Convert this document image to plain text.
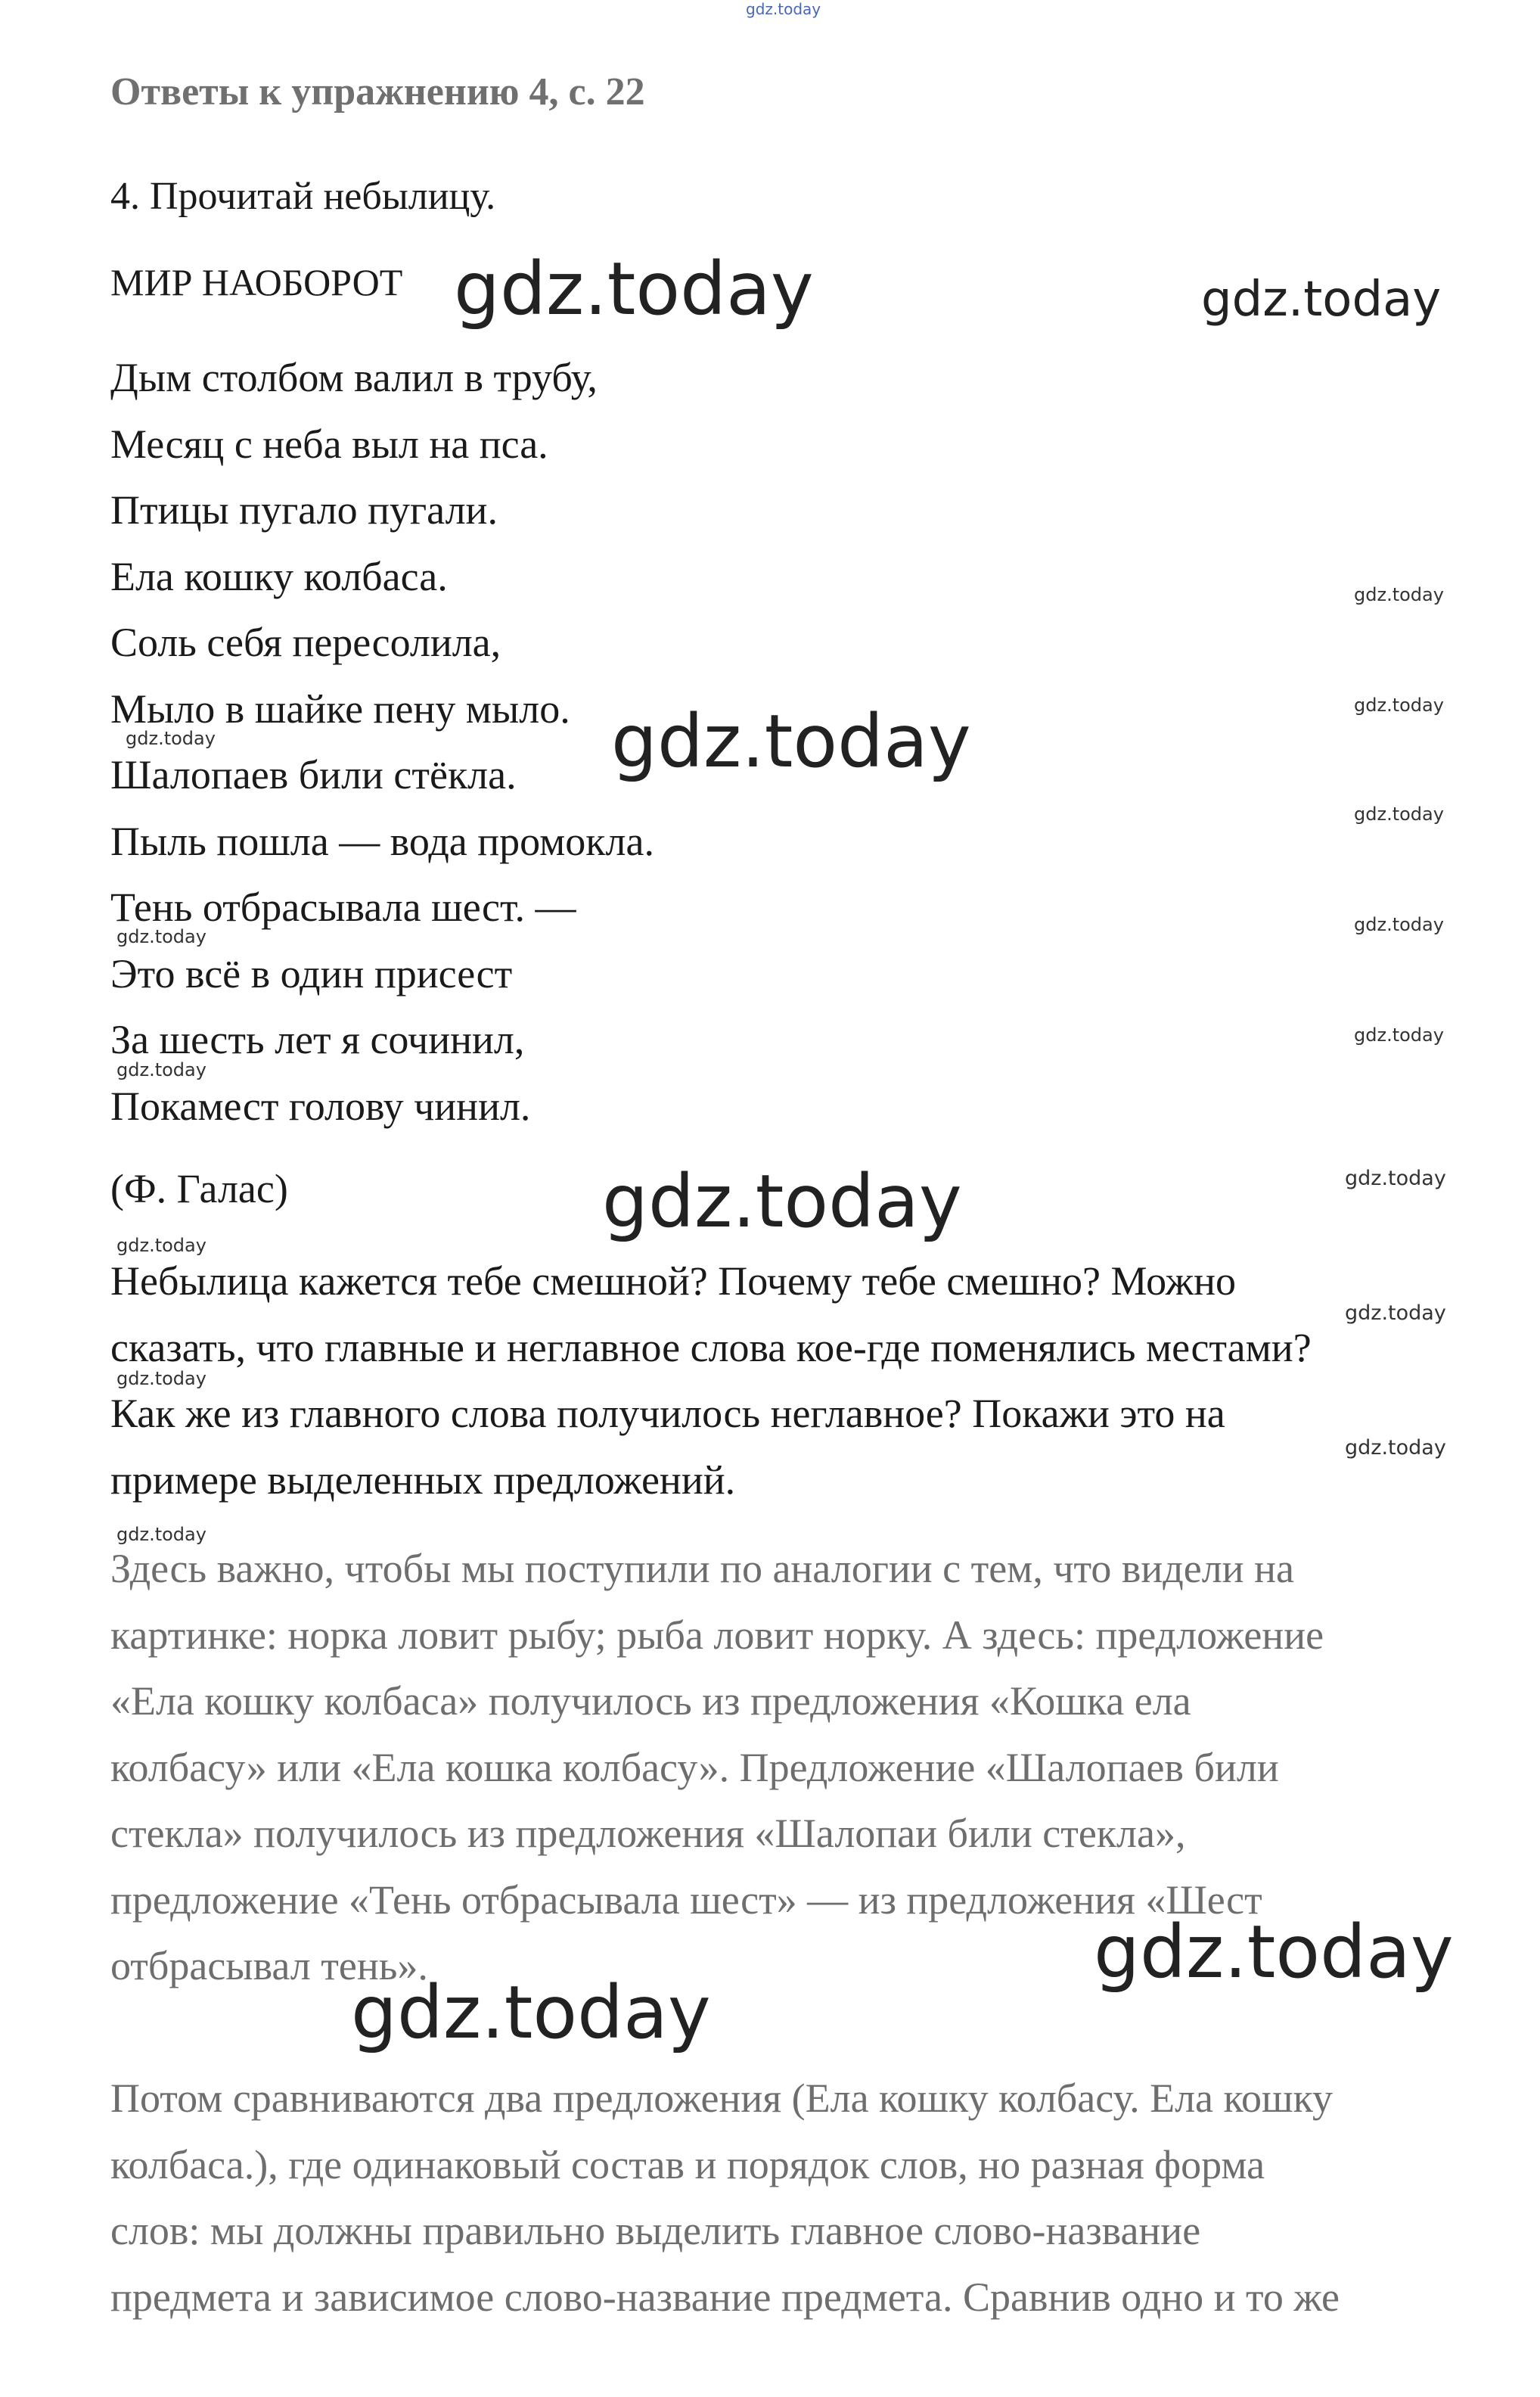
gdz.today
Ответы к упражнению 4, с. 22

4. Прочитай небылицу.

МИР НАОБОРОТ

Дым столбом валил в трубу,
Месяц с неба выл на пса.
Птицы пугало пугали.
Ела кошку колбаса.
Соль себя пересолила,
Мыло в шайке пену мыло.
Шалопаев били стёкла.
Пыль пошла — вода промокла.
Тень отбрасывала шест. —
Это всё в один присест
За шесть лет я сочинил,
Покамест голову чинил.

(Ф. Галас)

Небылица кажется тебе смешной? Почему тебе смешно? Можно
сказать, что главные и неглавное слова кое-где поменялись местами?
Как же из главного слова получилось неглавное? Покажи это на
примере выделенных предложений.

Здесь важно, чтобы мы поступили по аналогии с тем, что видели на
картинке: норка ловит рыбу; рыба ловит норку. А здесь: предложение
«Ела кошку колбаса» получилось из предложения «Кошка ела
колбасу» или «Ела кошка колбасу». Предложение «Шалопаев били
стекла» получилось из предложения «Шалопаи били стекла»,
предложение «Тень отбрасывала шест» — из предложения «Шест
отбрасывал тень».

Потом сравниваются два предложения (Ела кошку колбасу. Ела кошку
колбаса.), где одинаковый состав и порядок слов, но разная форма
слов: мы должны правильно выделить главное слово-название
предмета и зависимое слово-название предмета. Сравнив одно и то же

gdz.today	gdz.today
gdz.today
gdz.today
gdz.today
gdz.today
gdz.today
gdz.today
gdz.today
gdz.today
gdz.today
gdz.today
gdz.today
gdz.today
gdz.today
gdz.today
gdz.today
gdz.today
gdz.today
gdz.today
